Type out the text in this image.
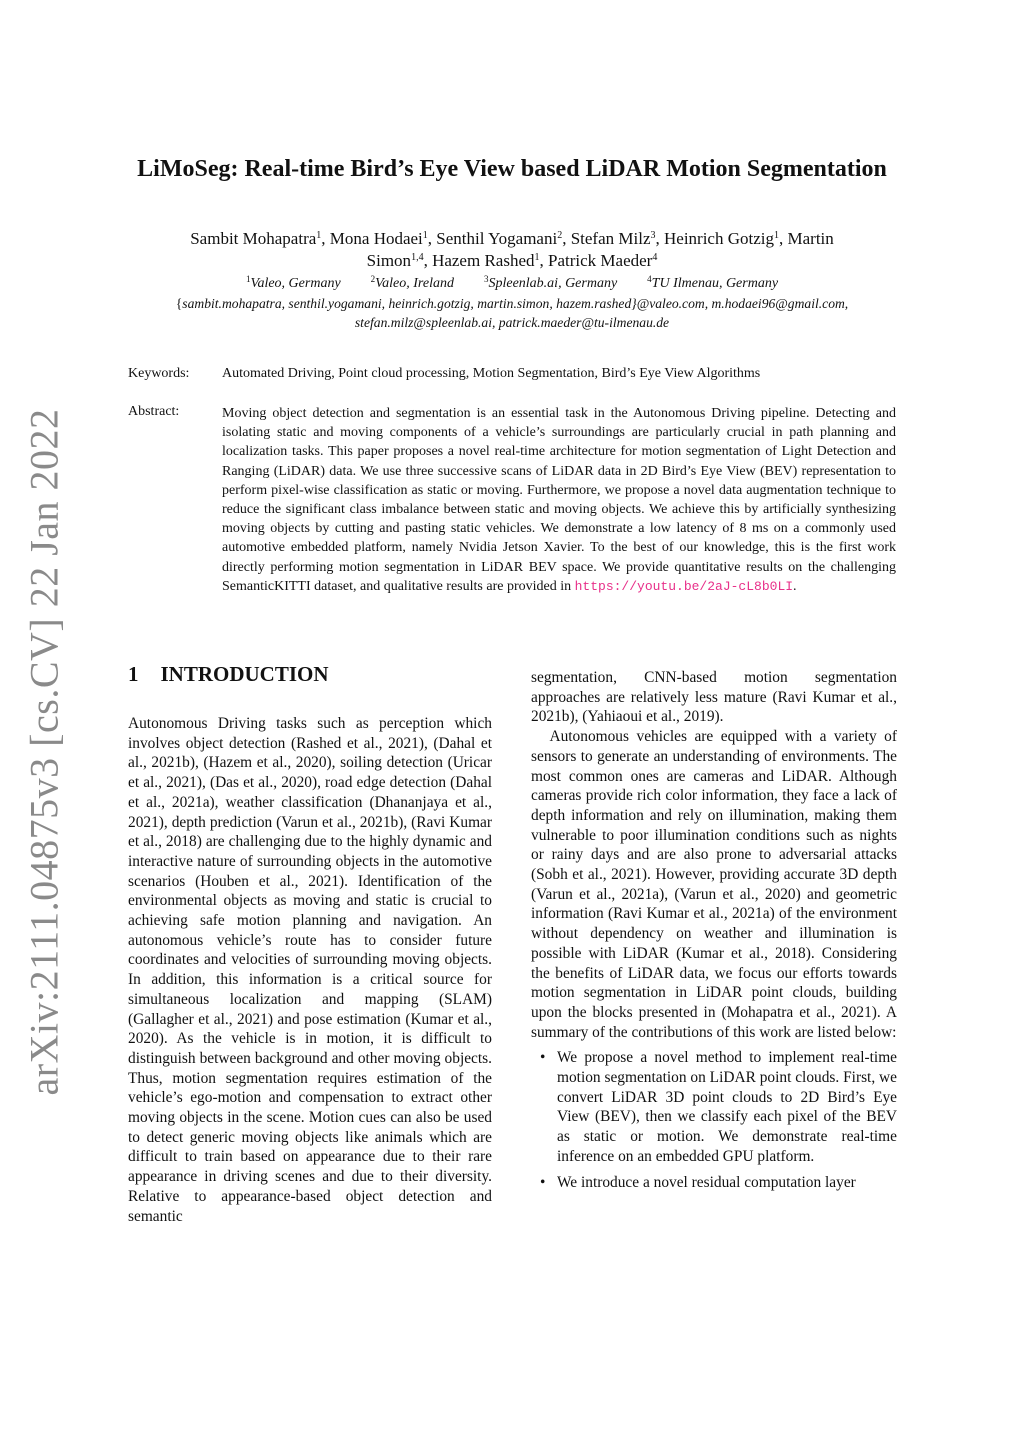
arXiv:2111.04875v3 [cs.CV] 22 Jan 2022
LiMoSeg: Real-time Bird’s Eye View based LiDAR Motion Segmentation
Sambit Mohapatra$^1$, Mona Hodaei$^1$, Senthil Yogamani$^2$, Stefan Milz$^3$, Heinrich Gotzig$^1$, Martin
Simon$^{1,4}$, Hazem Rashed$^1$, Patrick Maeder$^4$
$^1$Valeo, Germany	$^2$Valeo, Ireland	$^3$Spleenlab.ai, Germany	$^4$TU Ilmenau, Germany
{sambit.mohapatra, senthil.yogamani, heinrich.gotzig, martin.simon, hazem.rashed}@valeo.com, m.hodaei96@gmail.com,
stefan.milz@spleenlab.ai, patrick.maeder@tu-ilmenau.de
Keywords: Automated Driving, Point cloud processing, Motion Segmentation, Bird’s Eye View Algorithms
Abstract:	Moving object detection and segmentation is an essential task in the Autonomous Driving pipeline. Detecting and isolating static and moving components of a vehicle’s surroundings are particularly crucial in path planning and localization tasks. This paper proposes a novel real-time architecture for motion segmentation of Light Detection and Ranging (LiDAR) data. We use three successive scans of LiDAR data in 2D Bird’s Eye View (BEV) representation to perform pixel-wise classification as static or moving. Furthermore, we propose a novel data augmentation technique to reduce the significant class imbalance between static and moving objects. We achieve this by artificially synthesizing moving objects by cutting and pasting static vehicles. We demonstrate a low latency of 8 ms on a commonly used automotive embedded platform, namely Nvidia Jetson Xavier. To the best of our knowledge, this is the first work directly performing motion segmentation in LiDAR BEV space. We provide quantitative results on the challenging SemanticKITTI dataset, and qualitative results are provided in https://youtu.be/2aJ-cL8b0LI.
1 INTRODUCTION

Autonomous Driving tasks such as perception which involves object detection (Rashed et al., 2021), (Dahal et al., 2021b), (Hazem et al., 2020), soiling detection (Uricar et al., 2021), (Das et al., 2020), road edge detection (Dahal et al., 2021a), weather classification (Dhananjaya et al., 2021), depth prediction (Varun et al., 2021b), (Ravi Kumar et al., 2018) are challenging due to the highly dynamic and interactive nature of surrounding objects in the automotive scenarios (Houben et al., 2021). Identification of the environmental objects as moving and static is crucial to achieving safe motion planning and navigation. An autonomous vehicle’s route has to consider future coordinates and velocities of surrounding moving objects. In addition, this information is a critical source for simultaneous localization and mapping (SLAM) (Gallagher et al., 2021) and pose estimation (Kumar et al., 2020). As the vehicle is in motion, it is difficult to distinguish between background and other moving objects. Thus, motion segmentation requires estimation of the vehicle’s ego-motion and compensation to extract other moving objects in the scene. Motion cues can also be used to detect generic moving objects like animals which are difficult to train based on appearance due to their rare appearance in driving scenes and due to their diversity. Relative to appearance-based object detection and semantic

segmentation, CNN-based motion segmentation approaches are relatively less mature (Ravi Kumar et al., 2021b), (Yahiaoui et al., 2019).

Autonomous vehicles are equipped with a variety of sensors to generate an understanding of environments. The most common ones are cameras and LiDAR. Although cameras provide rich color information, they face a lack of depth information and rely on illumination, making them vulnerable to poor illumination conditions such as nights or rainy days and are also prone to adversarial attacks (Sobh et al., 2021). However, providing accurate 3D depth (Varun et al., 2021a), (Varun et al., 2020) and geometric information (Ravi Kumar et al., 2021a) of the environment without dependency on weather and illumination is possible with LiDAR (Kumar et al., 2018). Considering the benefits of LiDAR data, we focus our efforts towards motion segmentation in LiDAR point clouds, building upon the blocks presented in (Mohapatra et al., 2021). A summary of the contributions of this work are listed below:

• We propose a novel method to implement real-time motion segmentation on LiDAR point clouds. First, we convert LiDAR 3D point clouds to 2D Bird’s Eye View (BEV), then we classify each pixel of the BEV as static or motion. We demonstrate real-time inference on an embedded GPU platform.
• We introduce a novel residual computation layer
